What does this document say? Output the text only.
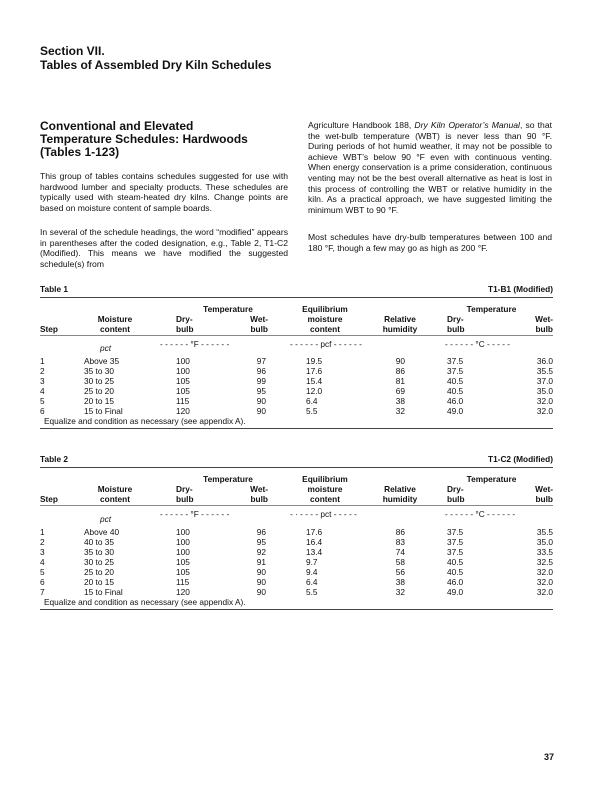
Section VII.
Tables of Assembled Dry Kiln Schedules
Conventional and Elevated
Temperature Schedules: Hardwoods
(Tables 1-123)

This group of tables contains schedules suggested for use with hardwood lumber and specialty products. These schedules are typically used with steam-heated dry kilns. Change points are based on moisture content of sample boards.

In several of the schedule headings, the word “modified” appears in parentheses after the coded designation, e.g., Table 2, T1-C2 (Modified). This means we have modified the suggested schedule(s) from

Agriculture Handbook 188, Dry Kiln Operator’s Manual, so that the wet-bulb temperature (WBT) is never less than 90 °F. During periods of hot humid weather, it may not be possible to achieve WBT’s below 90 °F even with continuous venting. When energy conservation is a prime consideration, continuous venting may not be the best overall alternative as heat is lost in this process of controlling the WBT or relative humidity in the kiln. As a practical approach, we have suggested limiting the minimum WBT to 90 °F.

Most schedules have dry-bulb temperatures between 100 and 180 °F, though a few may go as high as 200 °F.

Table 1	T1-B1 (Modified)
Temperature	Equilibrium	Temperature
Moisture	Dry-	Wet-	moisture	Relative	Dry-	Wet-
Step	content	bulb	bulb	content	humidity	bulb	bulb
pct	- - - - - - °F - - - - - -	- - - - - - pcf - - - - - -	- - - - - - °C - - - - -
1	Above 35	100	97	19.5	90	37.5	36.0
2	35 to 30	100	96	17.6	86	37.5	35.5
3	30 to 25	105	99	15.4	81	40.5	37.0
4	25 to 20	105	95	12.0	69	40.5	35.0
5	20 to 15	115	90	6.4	38	46.0	32.0
6	15 to Final	120	90	5.5	32	49.0	32.0
Equalize and condition as necessary (see appendix A).
Table 2	T1-C2 (Modified)
Temperature	Equilibrium	Temperature
Moisture	Dry-	Wet-	moisture	Relative	Dry-	Wet-
Step	content	bulb	bulb	content	humidity	bulb	bulb
pct	- - - - - - °F - - - - - -	- · - - - - pct - - - - -	- - - - - - °C - - - - - -
1	Above 40	100	96	17.6	86	37.5	35.5
2	40 to 35	100	95	16.4	83	37.5	35.0
3	35 to 30	100	92	13.4	74	37.5	33.5
4	30 to 25	105	91	9.7	58	40.5	32.5
5	25 to 20	105	90	9.4	56	40.5	32.0
6	20 to 15	115	90	6.4	38	46.0	32.0
7	15 to Final	120	90	5.5	32	49.0	32.0
Equalize and condition as necessary (see appendix A).
37
